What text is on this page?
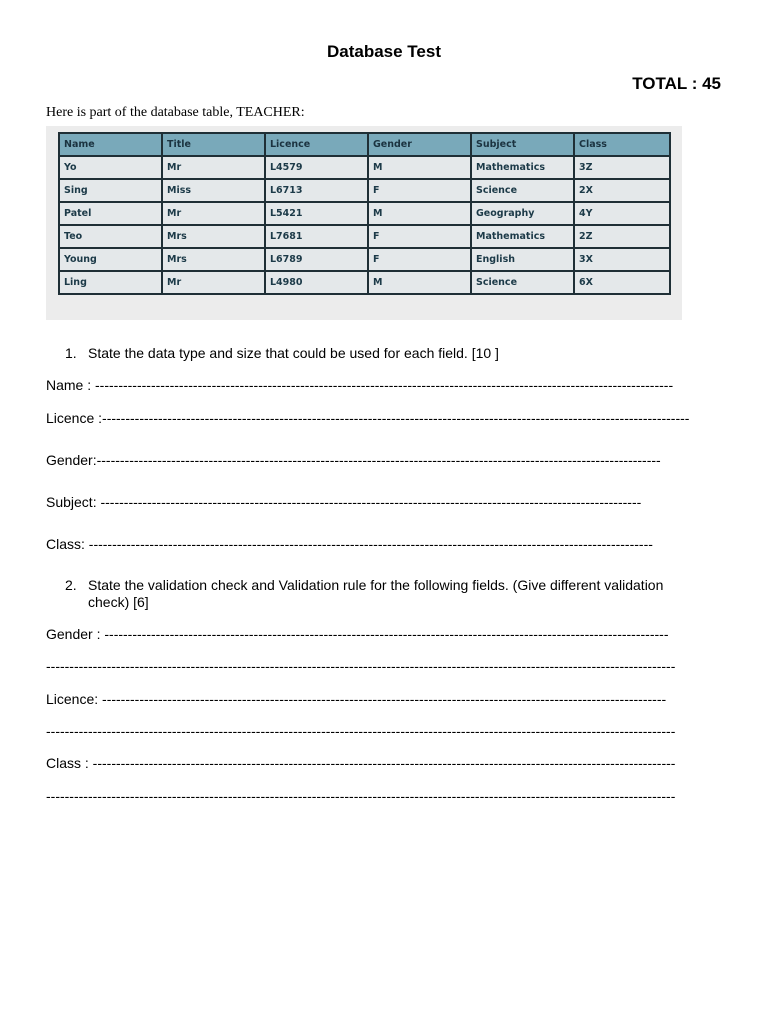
Database Test
TOTAL : 45
Here is part of the database table, TEACHER:
Name	Title	Licence	Gender	Subject	Class
Yo	Mr	L4579	M	Mathematics	3Z
Sing	Miss	L6713	F	Science	2X
Patel	Mr	L5421	M	Geography	4Y
Teo	Mrs	L7681	F	Mathematics	2Z
Young	Mrs	L6789	F	English	3X
Ling	Mr	L4980	M	Science	6X
1. State the data type and size that could be used for each field. [10 ]
Name : ----------------------------------------------------------------------------------------------------------------------------
Licence :------------------------------------------------------------------------------------------------------------------------------
Gender:-------------------------------------------------------------------------------------------------------------------------
Subject: --------------------------------------------------------------------------------------------------------------------
Class: -------------------------------------------------------------------------------------------------------------------------
2. State the validation check and Validation rule for the following fields. (Give different validation
check) [6]
Gender : -------------------------------------------------------------------------------------------------------------------------
---------------------------------------------------------------------------------------------------------------------------------------
Licence: -------------------------------------------------------------------------------------------------------------------------
---------------------------------------------------------------------------------------------------------------------------------------
Class : -----------------------------------------------------------------------------------------------------------------------------
---------------------------------------------------------------------------------------------------------------------------------------
